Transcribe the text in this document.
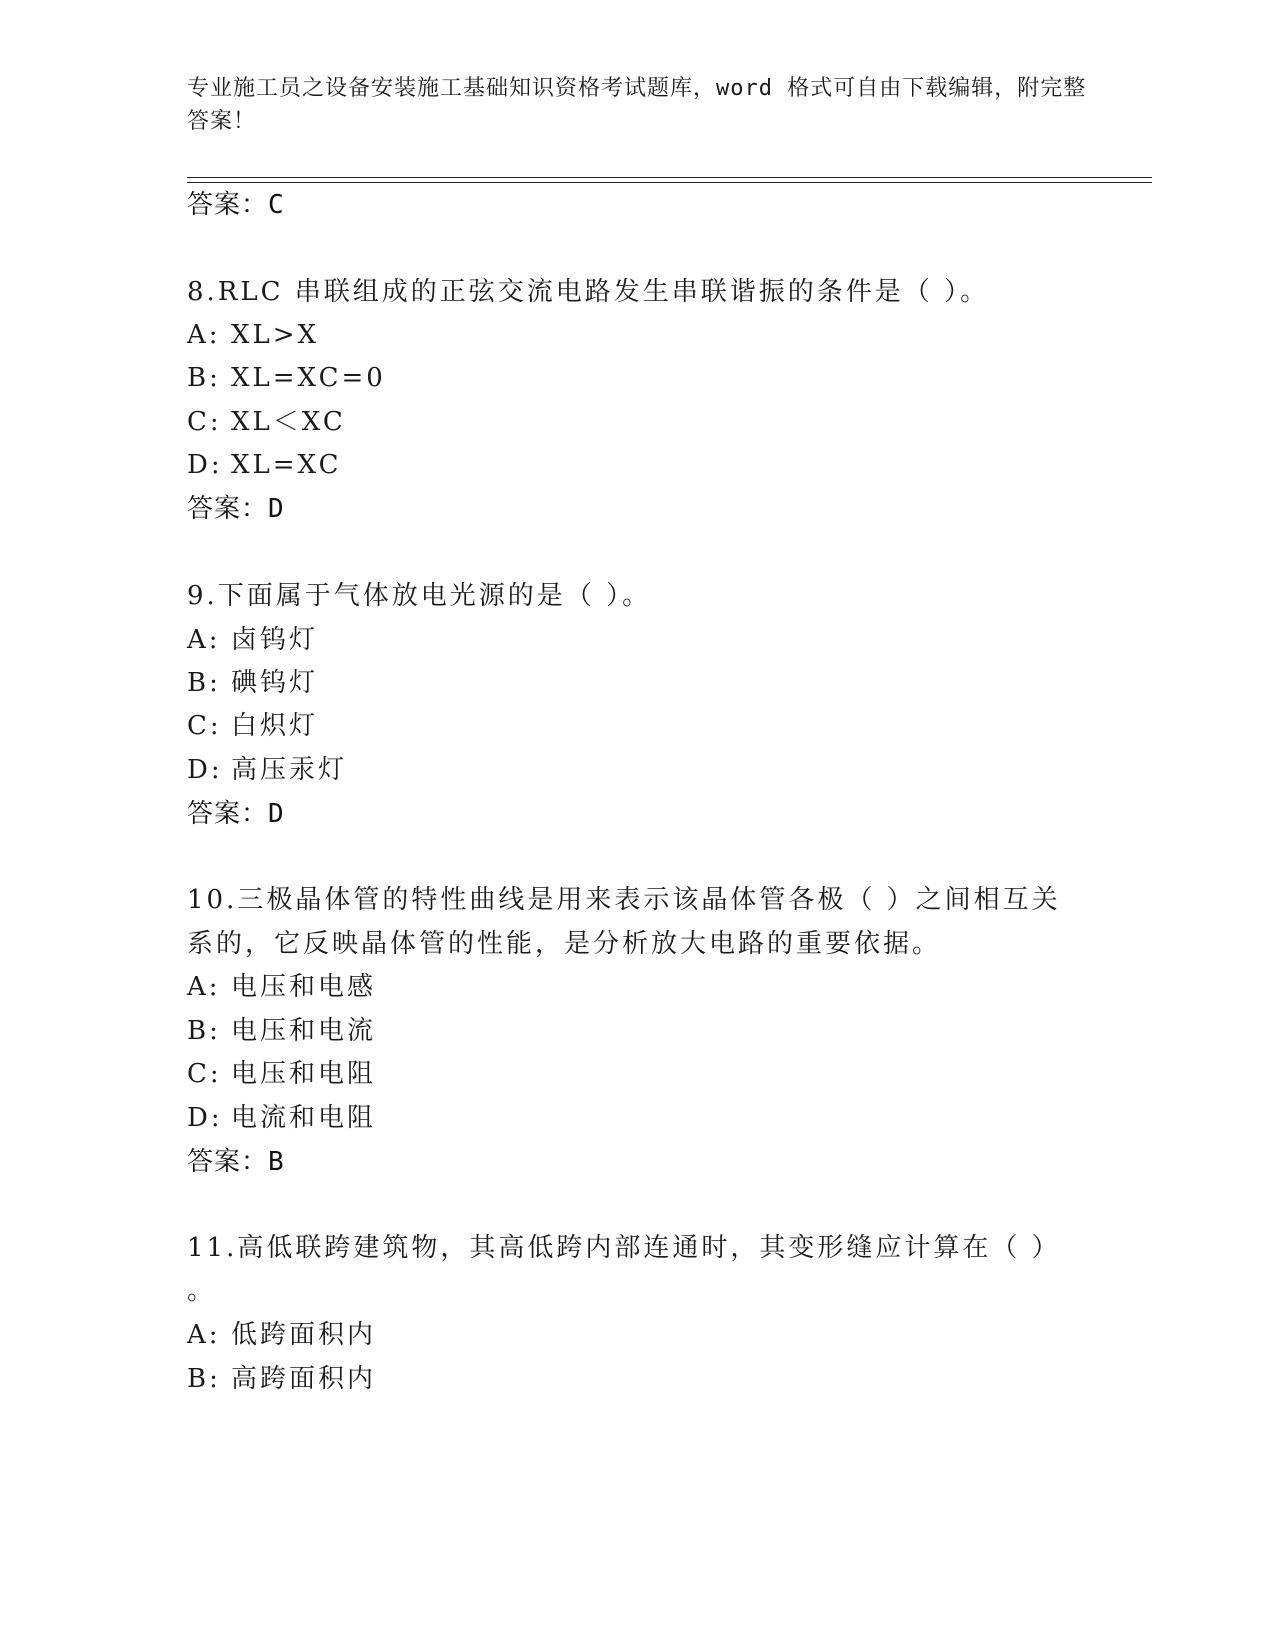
专业施工员之设备安装施工基础知识资格考试题库，word 格式可自由下载编辑，附完整答案！
答案：C
8.RLC 串联组成的正弦交流电路发生串联谐振的条件是（ ）。
A: XL>X
B: XL=XC=0
C: XL＜XC
D: XL=XC
答案：D
9.下面属于气体放电光源的是（ ）。
A: 卤钨灯
B: 碘钨灯
C: 白炽灯
D: 高压汞灯
答案：D
10.三极晶体管的特性曲线是用来表示该晶体管各极（ ）之间相互关
系的，它反映晶体管的性能，是分析放大电路的重要依据。
A: 电压和电感
B: 电压和电流
C: 电压和电阻
D: 电流和电阻
答案：B
11.高低联跨建筑物，其高低跨内部连通时，其变形缝应计算在（ ）
。
A: 低跨面积内
B: 高跨面积内
